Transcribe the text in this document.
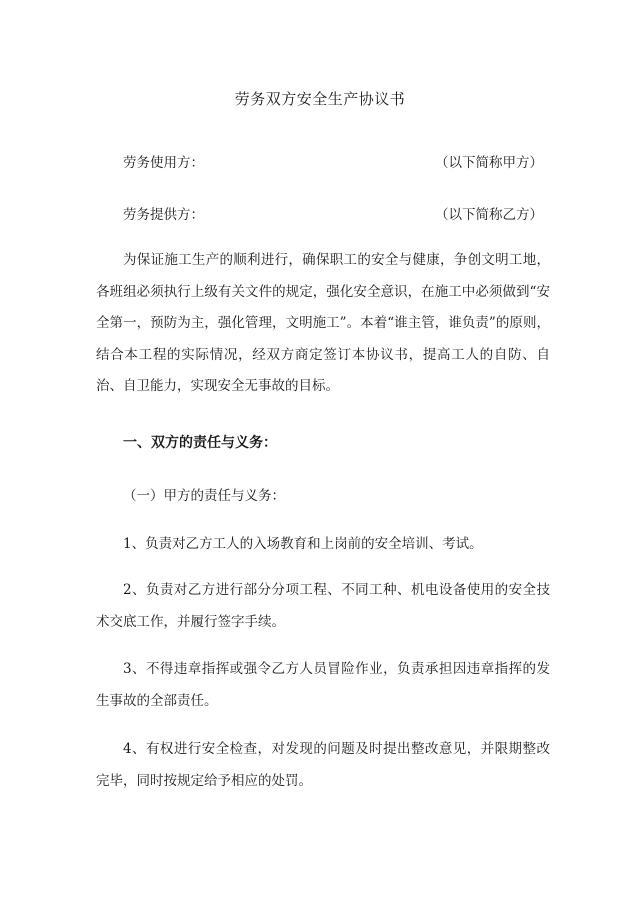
劳务双方安全生产协议书
劳务使用方：	（以下简称甲方）
劳务提供方：	（以下简称乙方）

为保证施工生产的顺利进行，确保职工的安全与健康，争创文明工地，各班组必须执行上级有关文件的规定，强化安全意识，在施工中必须做到“安全第一，预防为主，强化管理，文明施工”。本着“谁主管，谁负责”的原则，结合本工程的实际情况，经双方商定签订本协议书，提高工人的自防、自治、自卫能力，实现安全无事故的目标。

一、双方的责任与义务：
（一）甲方的责任与义务：

1、负责对乙方工人的入场教育和上岗前的安全培训、考试。

2、负责对乙方进行部分分项工程、不同工种、机电设备使用的安全技术交底工作，并履行签字手续。

3、不得违章指挥或强令乙方人员冒险作业，负责承担因违章指挥的发生事故的全部责任。

4、有权进行安全检查，对发现的问题及时提出整改意见，并限期整改完毕，同时按规定给予相应的处罚。
